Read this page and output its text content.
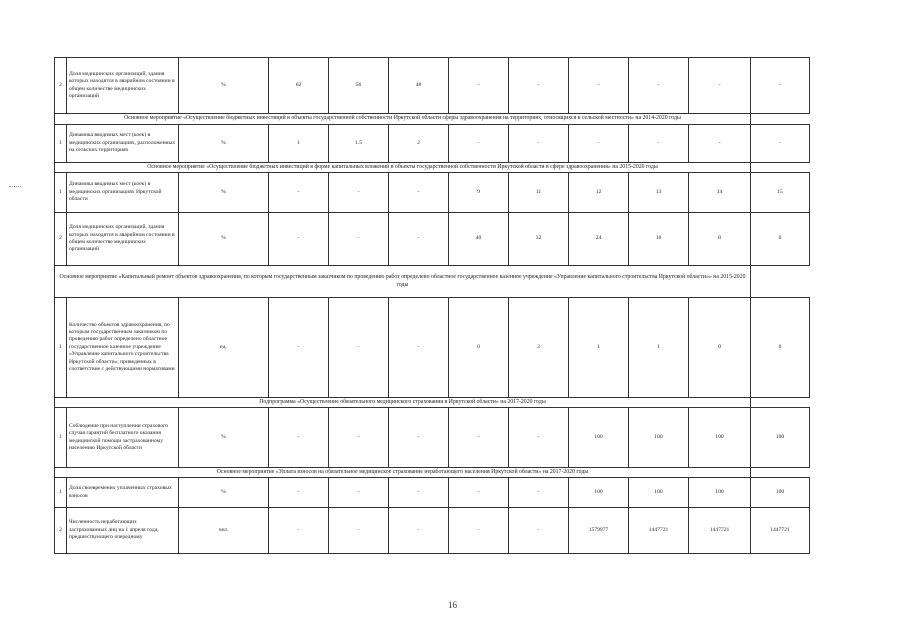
2	Доля медицинских организаций, здания которых находятся в аварийном состоянии в общем количестве медицинских организаций	%	62	56	48	-	-	-	-	-	-
Основное мероприятие «Осуществление бюджетных инвестиций в объекты государственной собственности Иркутской области сферы здравоохранения на территориях, относящихся к сельской местности» на 2014-2020 годы											
1	Динамика вводимых мест (коек) в медицинских организациях, расположенных на сельских территориях	%	1	1.5	2	-	-	-	-	-	-
Основное мероприятие «Осуществление бюджетных инвестиций в форме капитальных вложений в объекты государственной собственности Иркутской области в сфере здравоохранения» на 2015-2020 годы											
1	Динамика вводимых мест (коек) в медицинских организациях Иркутской области	%	-	-	-	9	11	12	13	14	15
2	Доля медицинских организаций, здания которых находятся в аварийном состоянии в общем количестве медицинских организаций	%	-	-	-	40	32	24	16	8	6
Основное мероприятие «Капитальный ремонт объектов здравоохранения, по которым государственным заказчиком по проведению работ определено областное государственное казенное учреждение «Управление капитального строительства Иркутской области»» на 2015-2020 годы											
1	Количество объектов здравоохранения, по которым государственным заказчиком по проведению работ определено областное государственное казенное учреждение «Управление капитального строительства Иркутской области», приведенных в соответствие с действующими нормативами	ед.	-	-	-	0	2	1	1	0	0
Подпрограмма «Осуществление обязательного медицинского страхования в Иркутской области» на 2017-2020 годы											
1	Соблюдение при наступлении страхового случая гарантий бесплатного оказания медицинской помощи застрахованному населению Иркутской области	%	-	-	-	-	-	100	100	100	100
Основное мероприятие «Уплата взносов на обязательное медицинское страхование неработающего населения Иркутской области» на 2017-2020 годы											
1	Доля своевременно уплаченных страховых взносов	%	-	-	-	-	-	100	100	100	100
2	Численность неработающих застрахованных лиц на 1 апреля года, предшествующего очередному	чел.	-	-	-	-	-	1579977	1447721	1447721	1447721
16
